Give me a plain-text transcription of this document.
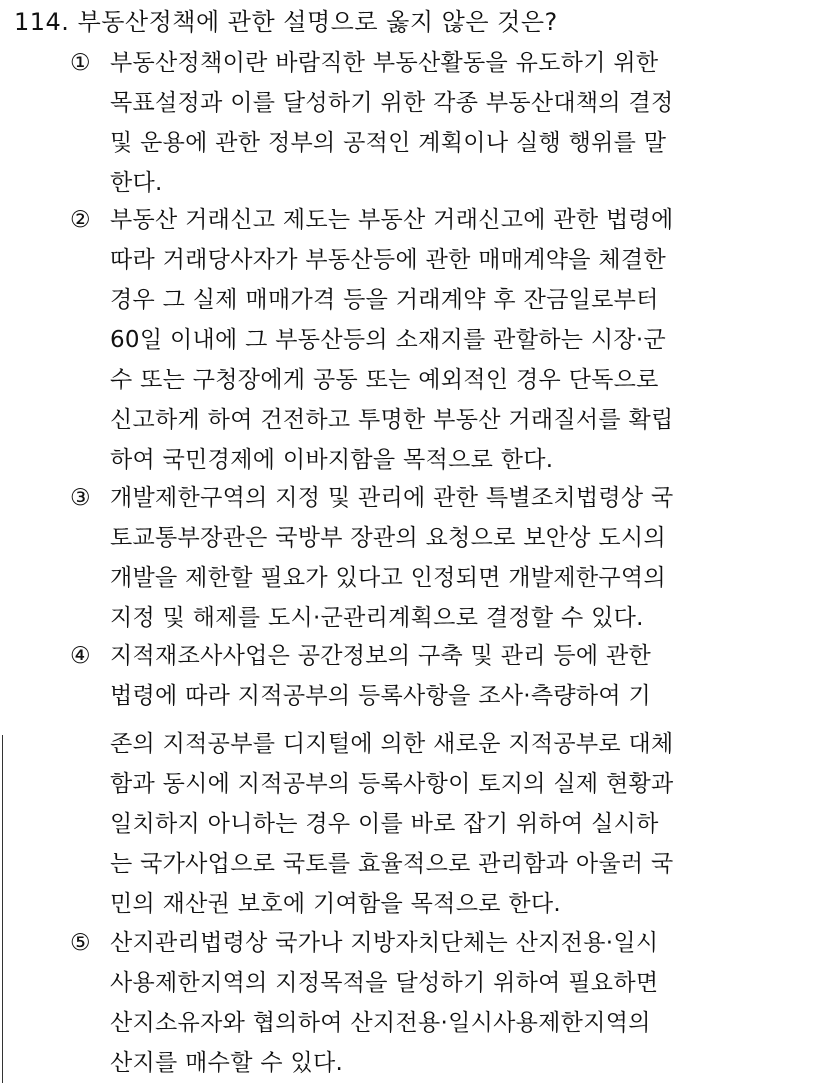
114. 부동산정책에 관한 설명으로 옳지 않은 것은?
① 부동산정책이란 바람직한 부동산활동을 유도하기 위한
목표설정과 이를 달성하기 위한 각종 부동산대책의 결정
및 운용에 관한 정부의 공적인 계획이나 실행 행위를 말
한다.
② 부동산 거래신고 제도는 부동산 거래신고에 관한 법령에
따라 거래당사자가 부동산등에 관한 매매계약을 체결한
경우 그 실제 매매가격 등을 거래계약 후 잔금일로부터
60일 이내에 그 부동산등의 소재지를 관할하는 시장·군
수 또는 구청장에게 공동 또는 예외적인 경우 단독으로
신고하게 하여 건전하고 투명한 부동산 거래질서를 확립
하여 국민경제에 이바지함을 목적으로 한다.
③ 개발제한구역의 지정 및 관리에 관한 특별조치법령상 국
토교통부장관은 국방부 장관의 요청으로 보안상 도시의
개발을 제한할 필요가 있다고 인정되면 개발제한구역의
지정 및 해제를 도시·군관리계획으로 결정할 수 있다.
④ 지적재조사사업은 공간정보의 구축 및 관리 등에 관한
법령에 따라 지적공부의 등록사항을 조사·측량하여 기
존의 지적공부를 디지털에 의한 새로운 지적공부로 대체
함과 동시에 지적공부의 등록사항이 토지의 실제 현황과
일치하지 아니하는 경우 이를 바로 잡기 위하여 실시하
는 국가사업으로 국토를 효율적으로 관리함과 아울러 국
민의 재산권 보호에 기여함을 목적으로 한다.
⑤ 산지관리법령상 국가나 지방자치단체는 산지전용·일시
사용제한지역의 지정목적을 달성하기 위하여 필요하면
산지소유자와 협의하여 산지전용·일시사용제한지역의
산지를 매수할 수 있다.
